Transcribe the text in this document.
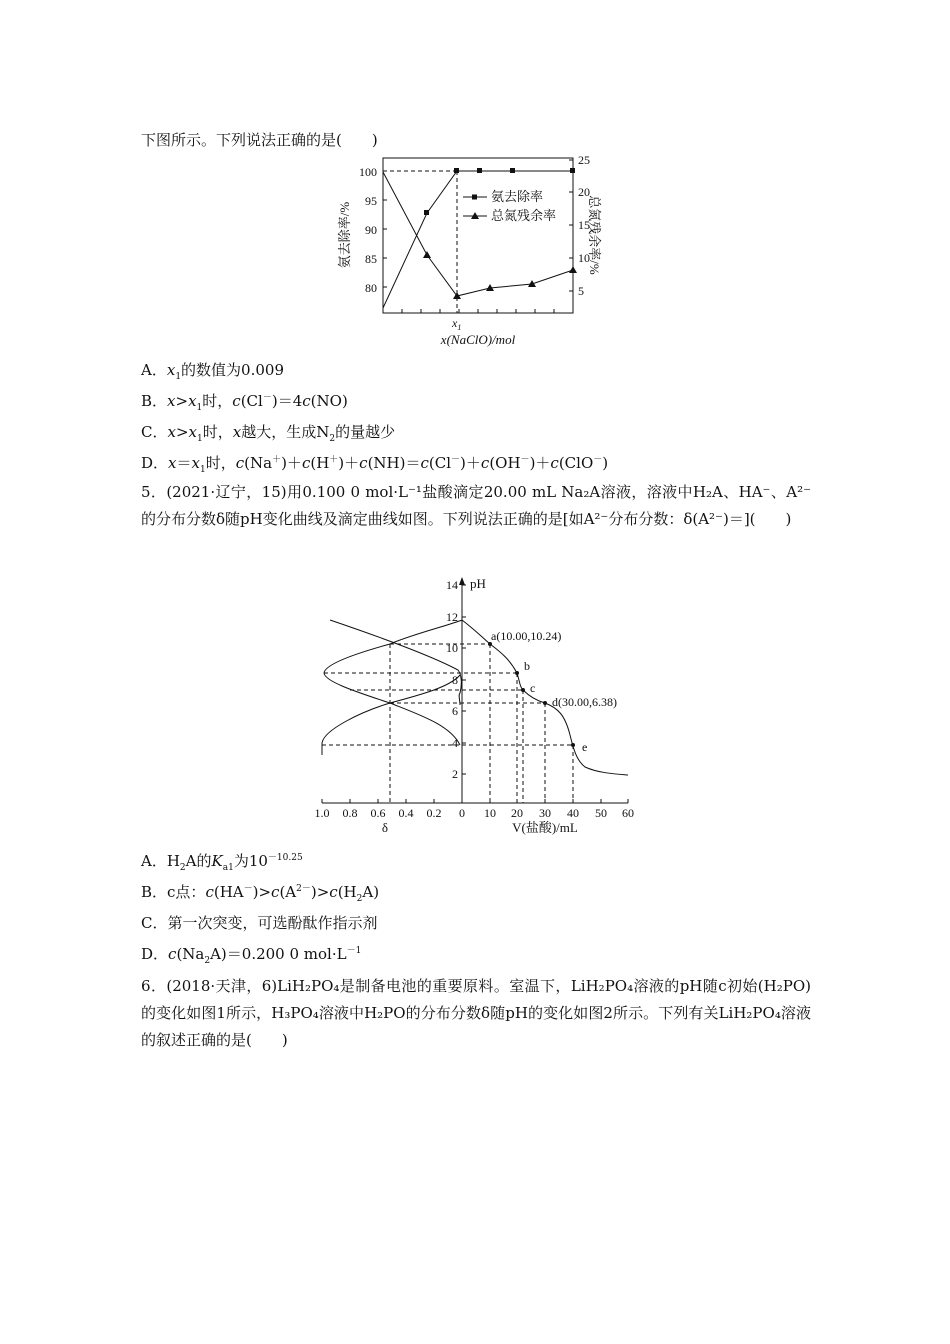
下图所示。下列说法正确的是(　　)
100
95
90
85
80
25
20
15
10
5
氨去除率/%	总氮残余率/%
$x_1$
x(NaClO)/mol
氨去除率
总氮残余率
A．$x_1$的数值为0.009
B．$x>x_1$时，c(Cl－)＝4c(NO)
C．$x>x_1$时，x越大，生成$N_2$的量越少
D．$x=x_1$时，c(Na＋)＋c(H＋)＋c(NH)＝c(Cl－)＋c(OH－)＋c(ClO－)
5．(2021·辽宁，15)用0.100 0 mol·L⁻¹盐酸滴定20.00 mL Na₂A溶液，溶液中H₂A、HA⁻、A²⁻的分布分数δ随pH变化曲线及滴定曲线如图。下列说法正确的是[如A²⁻分布分数：δ(A²⁻)＝](　　)
pH
14
12
10
8
6
4
2
1.0 0.8 0.6 0.4 0.2 0 10 20 30 40 50 60
δ	V(盐酸)/mL
a(10.00,10.24)
b
c
d(30.00,6.38)
e
A．$H_2A$的$K_{a1}$为$10^{-10.25}$
B．c点：$c(HA^-)>c(A^{2-})>c(H_2A)$
C．第一次突变，可选酚酞作指示剂
D．$c(Na_2A)=0.200$ 0 $mol\cdot L^{-1}$
6．(2018·天津，6)LiH₂PO₄是制备电池的重要原料。室温下，LiH₂PO₄溶液的pH随c初始(H₂PO)的变化如图1所示，H₃PO₄溶液中H₂PO的分布分数δ随pH的变化如图2所示。下列有关LiH₂PO₄溶液的叙述正确的是(　　)
